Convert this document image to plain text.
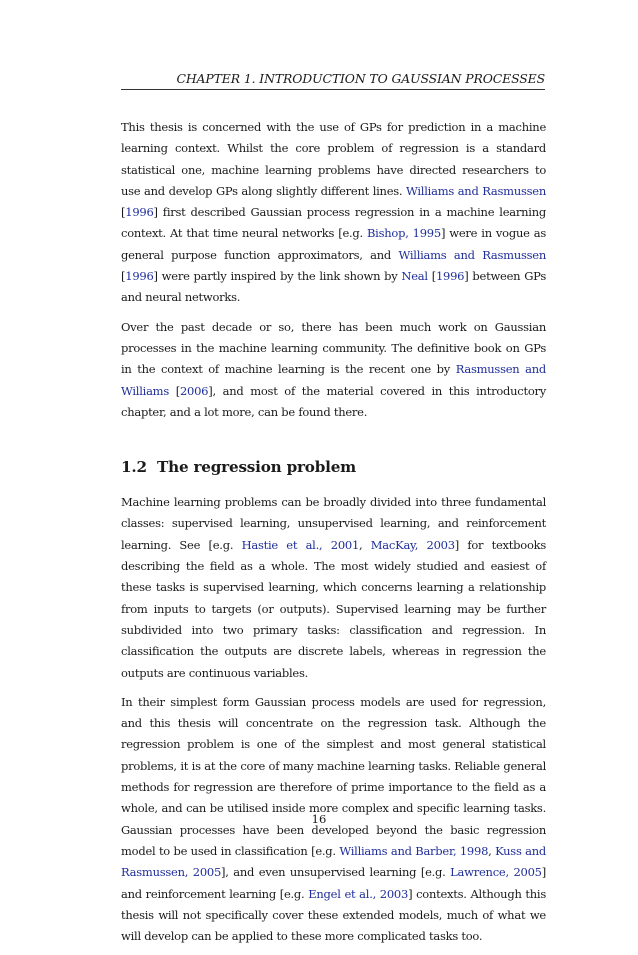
CHAPTER 1. INTRODUCTION TO GAUSSIAN PROCESSES

This thesis is concerned with the use of GPs for prediction in a machine learning context. Whilst the core problem of regression is a standard statistical one, machine learning problems have directed researchers to use and develop GPs along slightly different lines. Williams and Rasmussen [1996] first described Gaussian process regression in a machine learning context. At that time neural networks [e.g. Bishop, 1995] were in vogue as general purpose function approximators, and Williams and Rasmussen [1996] were partly inspired by the link shown by Neal [1996] between GPs and neural networks.

Over the past decade or so, there has been much work on Gaussian processes in the machine learning community. The definitive book on GPs in the context of machine learning is the recent one by Rasmussen and Williams [2006], and most of the material covered in this introductory chapter, and a lot more, can be found there.

1.2 The regression problem

Machine learning problems can be broadly divided into three fundamental classes: supervised learning, unsupervised learning, and reinforcement learning. See [e.g. Hastie et al., 2001, MacKay, 2003] for textbooks describing the field as a whole. The most widely studied and easiest of these tasks is supervised learning, which concerns learning a relationship from inputs to targets (or outputs). Supervised learning may be further subdivided into two primary tasks: classification and regression. In classification the outputs are discrete labels, whereas in regression the outputs are continuous variables.

In their simplest form Gaussian process models are used for regression, and this thesis will concentrate on the regression task. Although the regression problem is one of the simplest and most general statistical problems, it is at the core of many machine learning tasks. Reliable general methods for regression are therefore of prime importance to the field as a whole, and can be utilised inside more complex and specific learning tasks. Gaussian processes have been developed beyond the basic regression model to be used in classification [e.g. Williams and Barber, 1998, Kuss and Rasmussen, 2005], and even unsupervised learning [e.g. Lawrence, 2005] and reinforcement learning [e.g. Engel et al., 2003] contexts. Although this thesis will not specifically cover these extended models, much of what we will develop can be applied to these more complicated tasks too.

16
